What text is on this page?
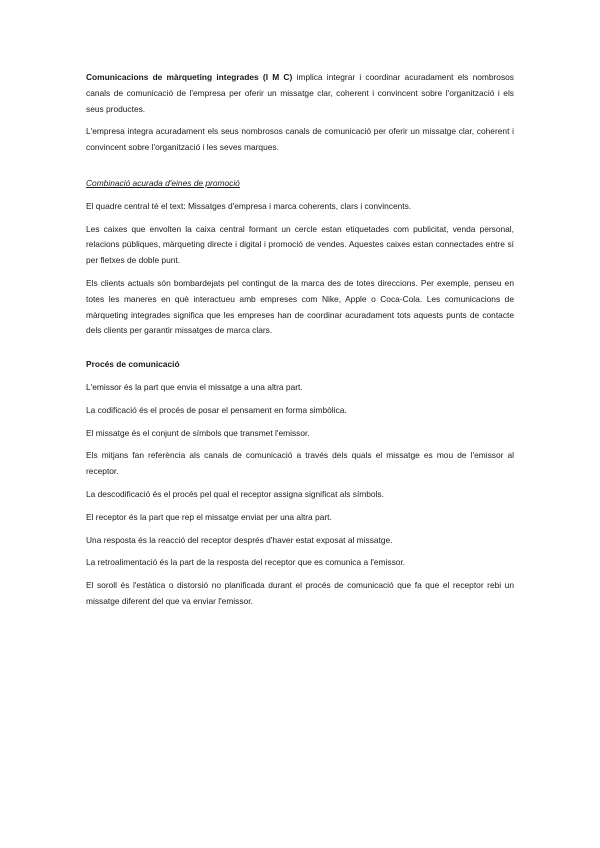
Comunicacions de màrqueting integrades (I M C) implica integrar i coordinar acuradament els nombrosos canals de comunicació de l'empresa per oferir un missatge clar, coherent i convincent sobre l'organització i els seus productes.

L'empresa integra acuradament els seus nombrosos canals de comunicació per oferir un missatge clar, coherent i convincent sobre l'organització i les seves marques.

Combinació acurada d'eines de promoció

El quadre central té el text: Missatges d'empresa i marca coherents, clars i convincents.

Les caixes que envolten la caixa central formant un cercle estan etiquetades com publicitat, venda personal, relacions públiques, màrqueting directe i digital i promoció de vendes. Aquestes caixes estan connectades entre sí per fletxes de doble punt.

Els clients actuals són bombardejats pel contingut de la marca des de totes direccions. Per exemple, penseu en totes les maneres en què interactueu amb empreses com Nike, Apple o Coca-Cola. Les comunicacions de màrqueting integrades significa que les empreses han de coordinar acuradament tots aquests punts de contacte dels clients per garantir missatges de marca clars.

Procés de comunicació

L'emissor és la part que envia el missatge a una altra part.

La codificació és el procés de posar el pensament en forma simbòlica.

El missatge és el conjunt de símbols que transmet l'emissor.

Els mitjans fan referència als canals de comunicació a través dels quals el missatge es mou de l'emissor al receptor.

La descodificació és el procés pel qual el receptor assigna significat als símbols.

El receptor és la part que rep el missatge enviat per una altra part.

Una resposta és la reacció del receptor després d'haver estat exposat al missatge.

La retroalimentació és la part de la resposta del receptor que es comunica a l'emissor.

El soroll és l'estàtica o distorsió no planificada durant el procés de comunicació que fa que el receptor rebi un missatge diferent del que va enviar l'emissor.
